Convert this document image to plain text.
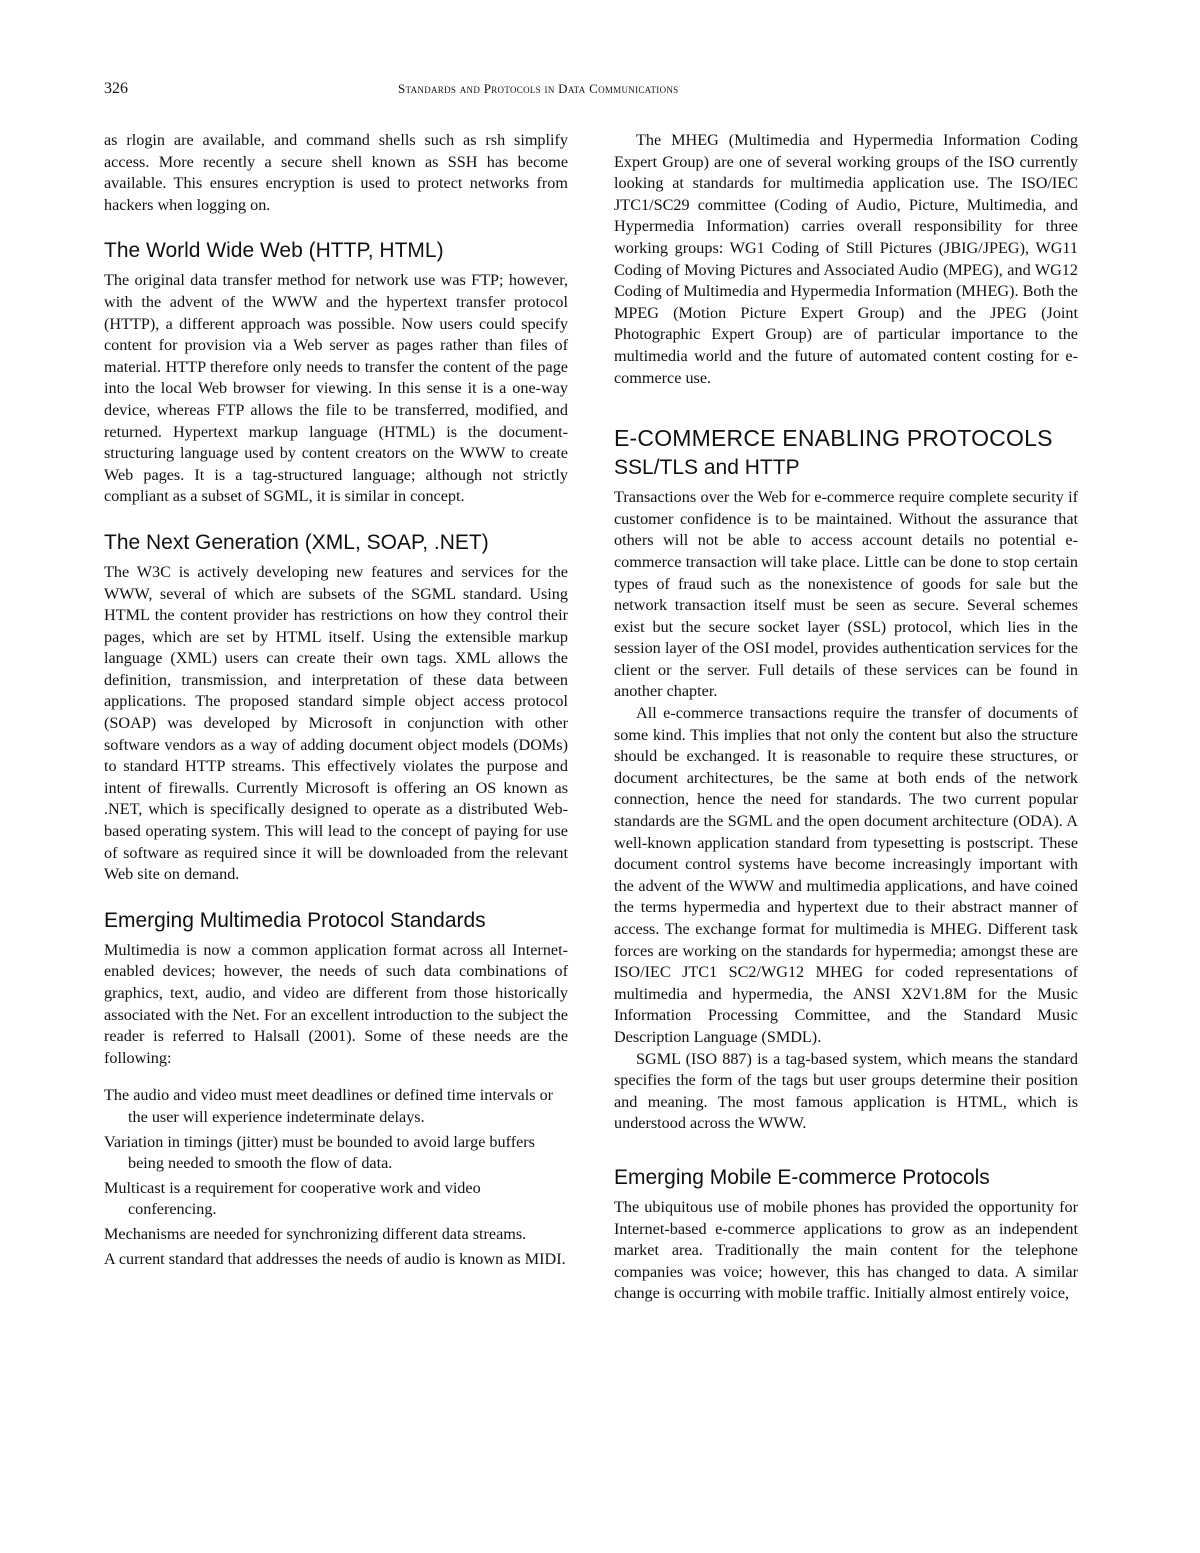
326	Standards and Protocols in Data Communications

as rlogin are available, and command shells such as rsh simplify access. More recently a secure shell known as SSH has become available. This ensures encryption is used to protect networks from hackers when logging on.

The World Wide Web (HTTP, HTML)

The original data transfer method for network use was FTP; however, with the advent of the WWW and the hypertext transfer protocol (HTTP), a different approach was possible. Now users could specify content for provision via a Web server as pages rather than files of material. HTTP therefore only needs to transfer the content of the page into the local Web browser for viewing. In this sense it is a one-way device, whereas FTP allows the file to be transferred, modified, and returned. Hypertext markup language (HTML) is the document-structuring language used by content creators on the WWW to create Web pages. It is a tag-structured language; although not strictly compliant as a subset of SGML, it is similar in concept.

The Next Generation (XML, SOAP, .NET)

The W3C is actively developing new features and services for the WWW, several of which are subsets of the SGML standard. Using HTML the content provider has restrictions on how they control their pages, which are set by HTML itself. Using the extensible markup language (XML) users can create their own tags. XML allows the definition, transmission, and interpretation of these data between applications. The proposed standard simple object access protocol (SOAP) was developed by Microsoft in conjunction with other software vendors as a way of adding document object models (DOMs) to standard HTTP streams. This effectively violates the purpose and intent of firewalls. Currently Microsoft is offering an OS known as .NET, which is specifically designed to operate as a distributed Web-based operating system. This will lead to the concept of paying for use of software as required since it will be downloaded from the relevant Web site on demand.

Emerging Multimedia Protocol Standards

Multimedia is now a common application format across all Internet-enabled devices; however, the needs of such data combinations of graphics, text, audio, and video are different from those historically associated with the Net. For an excellent introduction to the subject the reader is referred to Halsall (2001). Some of these needs are the following:

The audio and video must meet deadlines or defined time intervals or the user will experience indeterminate delays.
Variation in timings (jitter) must be bounded to avoid large buffers being needed to smooth the flow of data.
Multicast is a requirement for cooperative work and video conferencing.
Mechanisms are needed for synchronizing different data streams.
A current standard that addresses the needs of audio is known as MIDI.

The MHEG (Multimedia and Hypermedia Information Coding Expert Group) are one of several working groups of the ISO currently looking at standards for multimedia application use. The ISO/IEC JTC1/SC29 committee (Coding of Audio, Picture, Multimedia, and Hypermedia Information) carries overall responsibility for three working groups: WG1 Coding of Still Pictures (JBIG/JPEG), WG11 Coding of Moving Pictures and Associated Audio (MPEG), and WG12 Coding of Multimedia and Hypermedia Information (MHEG). Both the MPEG (Motion Picture Expert Group) and the JPEG (Joint Photographic Expert Group) are of particular importance to the multimedia world and the future of automated content costing for e-commerce use.

E-COMMERCE ENABLING PROTOCOLS
SSL/TLS and HTTP

Transactions over the Web for e-commerce require complete security if customer confidence is to be maintained. Without the assurance that others will not be able to access account details no potential e-commerce transaction will take place. Little can be done to stop certain types of fraud such as the nonexistence of goods for sale but the network transaction itself must be seen as secure. Several schemes exist but the secure socket layer (SSL) protocol, which lies in the session layer of the OSI model, provides authentication services for the client or the server. Full details of these services can be found in another chapter.

All e-commerce transactions require the transfer of documents of some kind. This implies that not only the content but also the structure should be exchanged. It is reasonable to require these structures, or document architectures, be the same at both ends of the network connection, hence the need for standards. The two current popular standards are the SGML and the open document architecture (ODA). A well-known application standard from typesetting is postscript. These document control systems have become increasingly important with the advent of the WWW and multimedia applications, and have coined the terms hypermedia and hypertext due to their abstract manner of access. The exchange format for multimedia is MHEG. Different task forces are working on the standards for hypermedia; amongst these are ISO/IEC JTC1 SC2/WG12 MHEG for coded representations of multimedia and hypermedia, the ANSI X2V1.8M for the Music Information Processing Committee, and the Standard Music Description Language (SMDL).

SGML (ISO 887) is a tag-based system, which means the standard specifies the form of the tags but user groups determine their position and meaning. The most famous application is HTML, which is understood across the WWW.

Emerging Mobile E-commerce Protocols

The ubiquitous use of mobile phones has provided the opportunity for Internet-based e-commerce applications to grow as an independent market area. Traditionally the main content for the telephone companies was voice; however, this has changed to data. A similar change is occurring with mobile traffic. Initially almost entirely voice,
